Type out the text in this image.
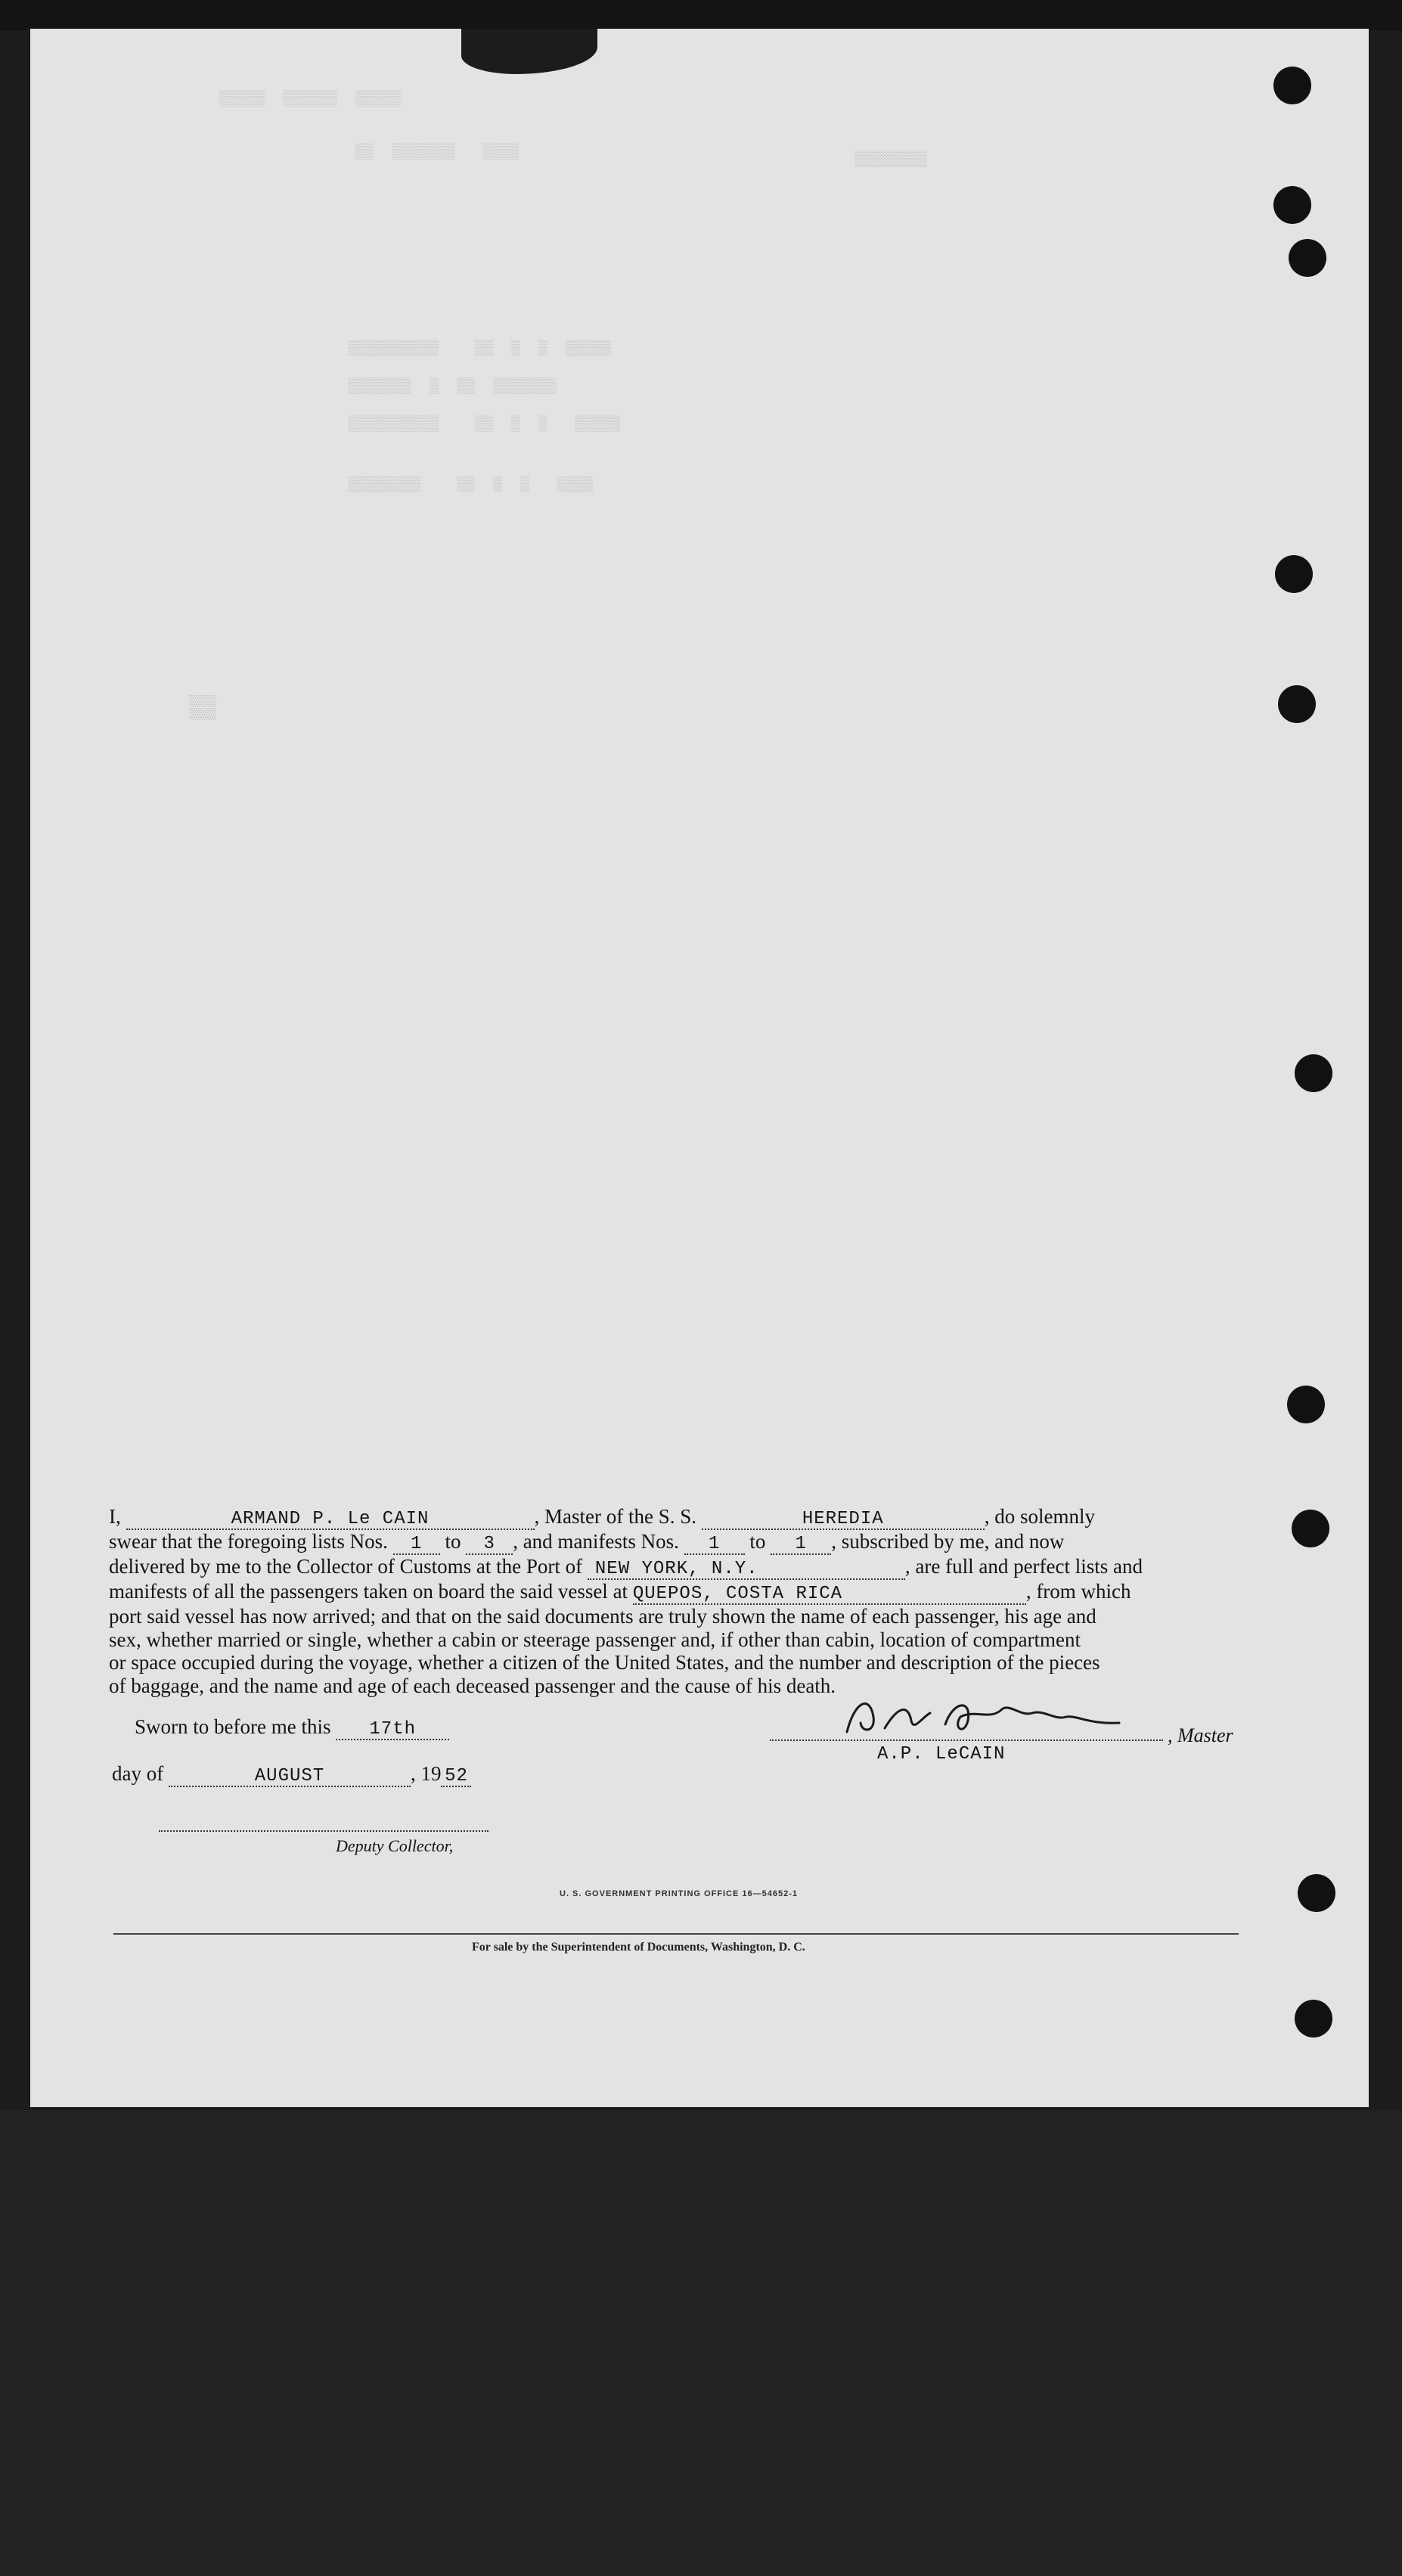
▒▒▒▒▒  ▒▒▒▒▒▒  ▒▒▒▒▒
▒▒▒▒   ▒▒▒▒▒▒▒  ▒▒	▒▒▒▒▒▒▒▒
▒▒▒▒▒  ▒  ▒  ▒▒    ▒▒▒▒▒▒▒▒▒▒
▒▒▒▒▒▒▒  ▒▒  ▒  ▒▒▒▒▒▒▒
▒▒▒▒▒   ▒  ▒  ▒▒    ▒▒▒▒▒▒▒▒▒▒
▒▒▒▒   ▒  ▒  ▒▒    ▒▒▒▒▒▒▒▒
▒▒
I,	ARMAND P. Le CAIN	, Master of the S. S.	HEREDIA	, do solemnly
swear that the foregoing lists Nos. 1 to 3 , and manifests Nos. 1 to 1 , subscribed by me, and now
delivered by me to the Collector of Customs at the Port of NEW YORK, N.Y.	, are full and perfect lists and
manifests of all the passengers taken on board the said vessel at QUEPOS, COSTA RICA	, from which
port said vessel has now arrived; and that on the said documents are truly shown the name of each passenger, his age and
sex, whether married or single, whether a cabin or steerage passenger and, if other than cabin, location of compartment
or space occupied during the voyage, whether a citizen of the United States, and the number and description of the pieces
of baggage, and the name and age of each deceased passenger and the cause of his death.
Sworn to before me this 17th
day of	AUGUST	, 19 52
Deputy Collector,
, Master
A.P. LeCAIN
U. S. GOVERNMENT PRINTING OFFICE 16—54652-1
For sale by the Superintendent of Documents, Washington, D. C.
